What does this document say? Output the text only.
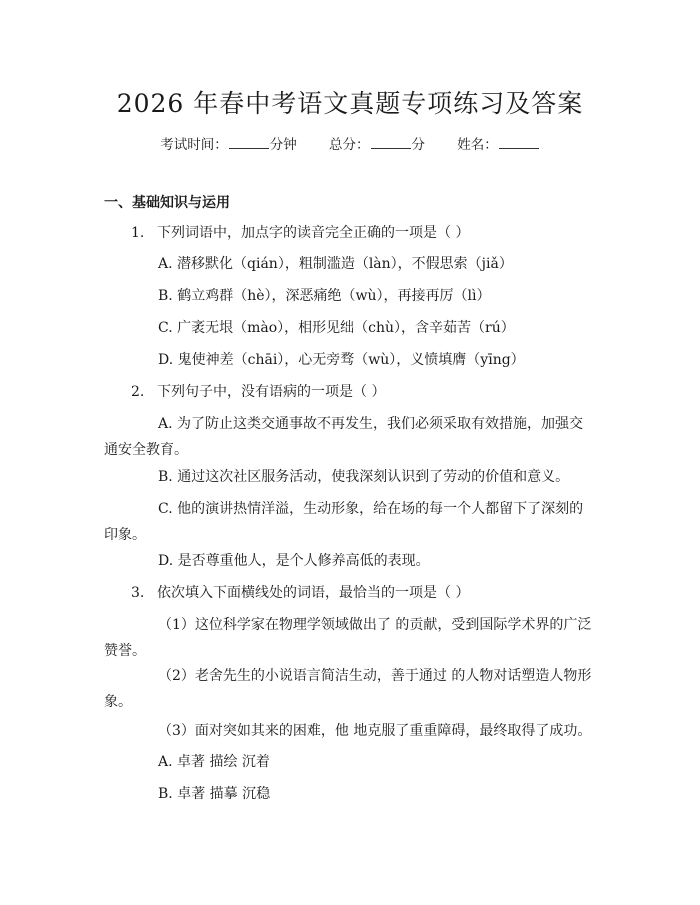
2026 年春中考语文真题专项练习及答案
考试时间：	分钟 总分：	分 姓名：
一、基础知识与运用
1. 下列词语中，加点字的读音完全正确的一项是（ ）
A. 潜移默化（qián），粗制滥造（làn），不假思索（jiǎ）
B. 鹤立鸡群（hè），深恶痛绝（wù），再接再厉（lì）
C. 广袤无垠（mào），相形见绌（chù），含辛茹苦（rú）
D. 鬼使神差（chāi），心无旁骛（wù），义愤填膺（yīng）
2. 下列句子中，没有语病的一项是（ ）
A. 为了防止这类交通事故不再发生，我们必须采取有效措施，加强交通安全教育。
B. 通过这次社区服务活动，使我深刻认识到了劳动的价值和意义。
C. 他的演讲热情洋溢，生动形象，给在场的每一个人都留下了深刻的印象。
D. 是否尊重他人，是个人修养高低的表现。
3. 依次填入下面横线处的词语，最恰当的一项是（ ）
（1）这位科学家在物理学领域做出了 的贡献，受到国际学术界的广泛赞誉。
（2）老舍先生的小说语言简洁生动，善于通过 的人物对话塑造人物形象。
（3）面对突如其来的困难，他 地克服了重重障碍，最终取得了成功。
A. 卓著 描绘 沉着
B. 卓著 描摹 沉稳
